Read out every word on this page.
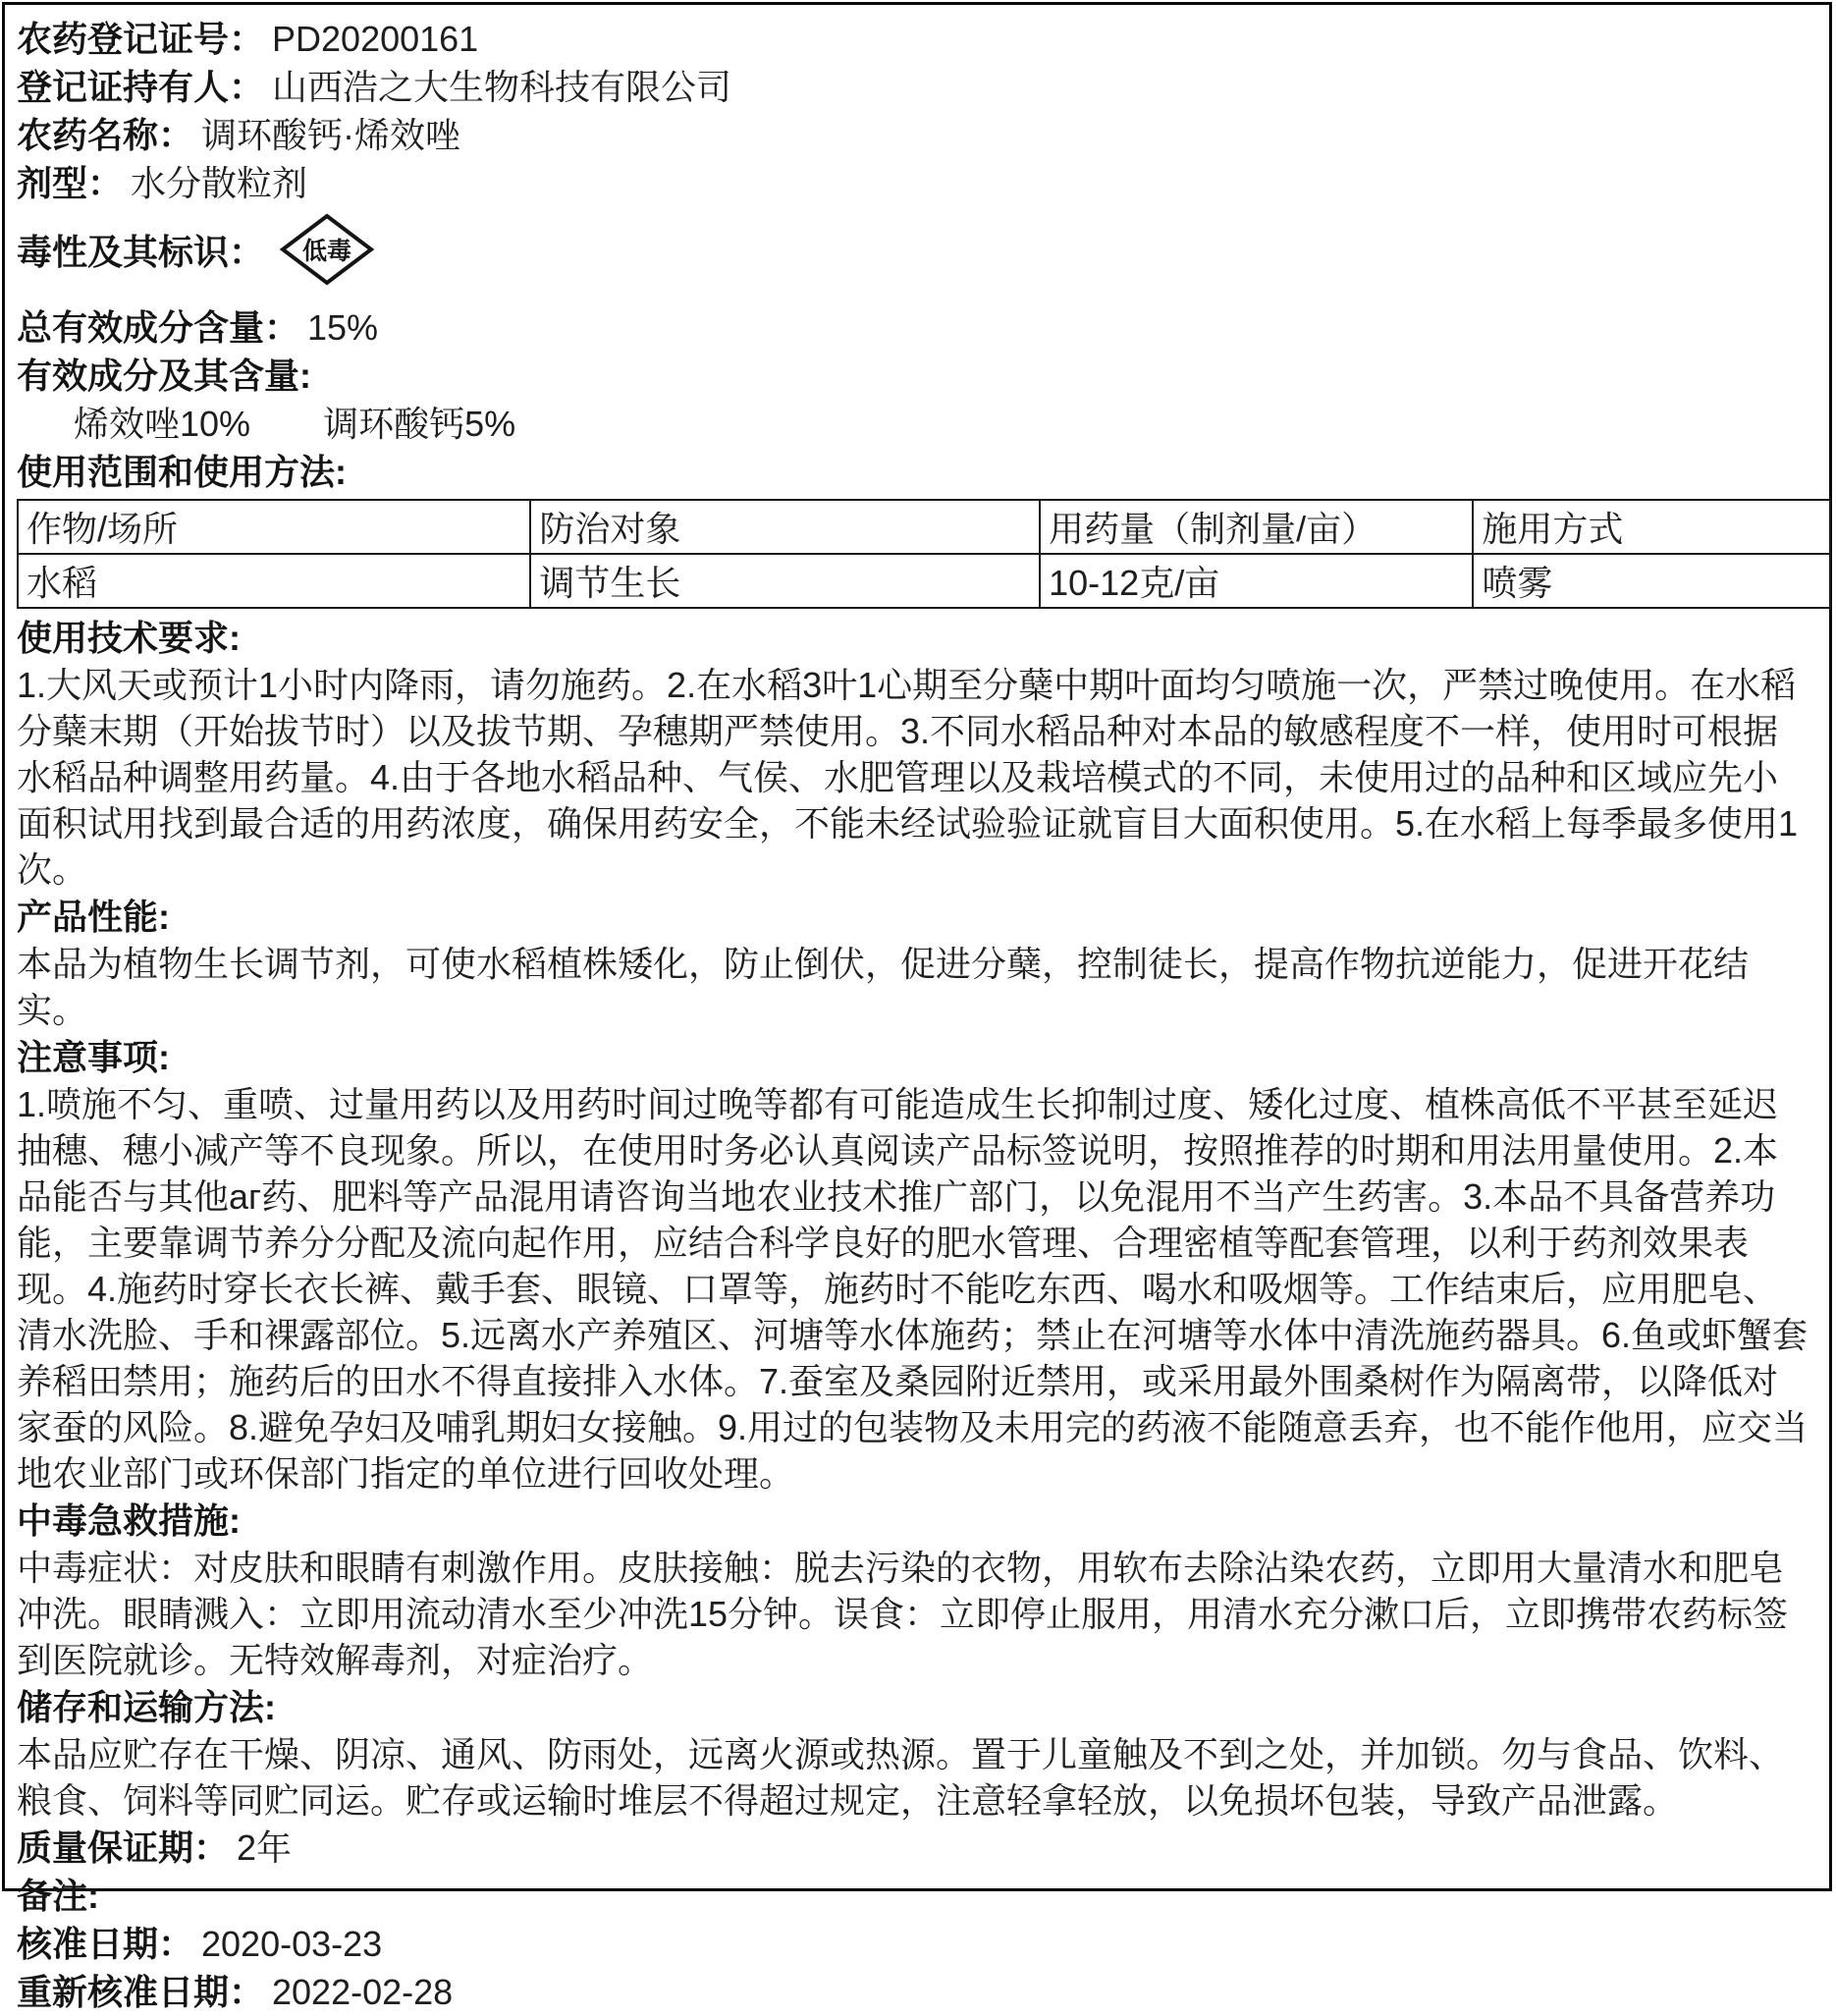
农药登记证号： PD20200161
登记证持有人： 山西浩之大生物科技有限公司
农药名称： 调环酸钙·烯效唑
剂型： 水分散粒剂
毒性及其标识： 低毒
总有效成分含量： 15%
有效成分及其含量:
烯效唑10% 调环酸钙5%
使用范围和使用方法:
作物/场所	防治对象	用药量（制剂量/亩）	施用方式
水稻	调节生长	10-12克/亩	喷雾
使用技术要求:

1.大风天或预计1小时内降雨，请勿施药。2.在水稻3叶1心期至分蘖中期叶面均匀喷施一次，严禁过晚使用。在水稻分蘖末期（开始拔节时）以及拔节期、孕穗期严禁使用。3.不同水稻品种对本品的敏感程度不一样，使用时可根据水稻品种调整用药量。4.由于各地水稻品种、气侯、水肥管理以及栽培模式的不同，未使用过的品种和区域应先小面积试用找到最合适的用药浓度，确保用药安全，不能未经试验验证就盲目大面积使用。5.在水稻上每季最多使用1次。

产品性能:

本品为植物生长调节剂，可使水稻植株矮化，防止倒伏，促进分蘖，控制徒长，提高作物抗逆能力，促进开花结实。

注意事项:

1.喷施不匀、重喷、过量用药以及用药时间过晚等都有可能造成生长抑制过度、矮化过度、植株高低不平甚至延迟抽穗、穗小减产等不良现象。所以，在使用时务必认真阅读产品标签说明，按照推荐的时期和用法用量使用。2.本品能否与其他аг药、肥料等产品混用请咨询当地农业技术推广部门，以免混用不当产生药害。3.本品不具备营养功能，主要靠调节养分分配及流向起作用，应结合科学良好的肥水管理、合理密植等配套管理，以利于药剂效果表现。4.施药时穿长衣长裤、戴手套、眼镜、口罩等，施药时不能吃东西、喝水和吸烟等。工作结束后，应用肥皂、清水洗脸、手和裸露部位。5.远离水产养殖区、河塘等水体施药；禁止在河塘等水体中清洗施药器具。6.鱼或虾蟹套养稻田禁用；施药后的田水不得直接排入水体。7.蚕室及桑园附近禁用，或采用最外围桑树作为隔离带，以降低对家蚕的风险。8.避免孕妇及哺乳期妇女接触。9.用过的包装物及未用完的药液不能随意丢弃，也不能作他用，应交当地农业部门或环保部门指定的单位进行回收处理。

中毒急救措施:

中毒症状：对皮肤和眼睛有刺激作用。皮肤接触：脱去污染的衣物，用软布去除沾染农药，立即用大量清水和肥皂冲洗。眼睛溅入：立即用流动清水至少冲洗15分钟。误食：立即停止服用，用清水充分漱口后，立即携带农药标签到医院就诊。无特效解毒剂，对症治疗。

储存和运输方法:

本品应贮存在干燥、阴凉、通风、防雨处，远离火源或热源。置于儿童触及不到之处，并加锁。勿与食品、饮料、粮食、饲料等同贮同运。贮存或运输时堆层不得超过规定，注意轻拿轻放，以免损坏包装，导致产品泄露。

质量保证期： 2年
备注:
核准日期： 2020-03-23
重新核准日期： 2022-02-28
